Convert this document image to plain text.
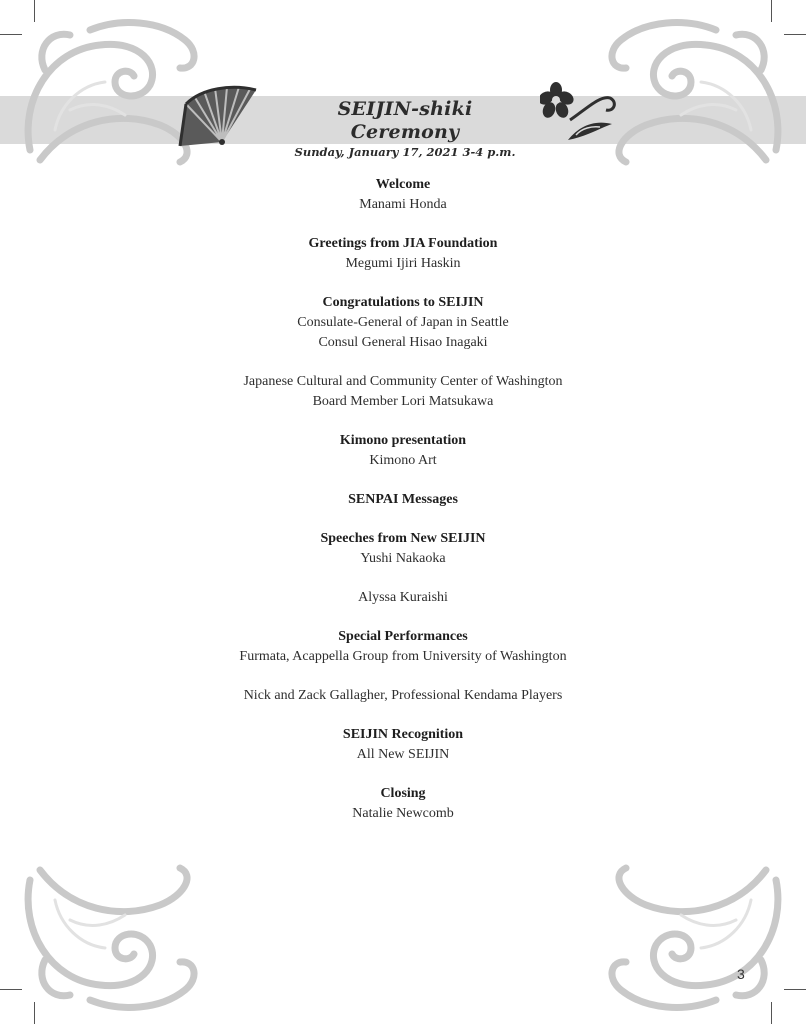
SEIJIN-shiki Ceremony
Sunday, January 17, 2021 3-4 p.m.
Welcome
Manami Honda
Greetings from JIA Foundation
Megumi Ijiri Haskin
Congratulations to SEIJIN
Consulate-General of Japan in Seattle
Consul General Hisao Inagaki
Japanese Cultural and Community Center of Washington
Board Member Lori Matsukawa
Kimono presentation
Kimono Art
SENPAI Messages
Speeches from New SEIJIN
Yushi Nakaoka
Alyssa Kuraishi
Special Performances
Furmata, Acappella Group from University of Washington
Nick and Zack Gallagher, Professional Kendama Players
SEIJIN Recognition
All New SEIJIN
Closing
Natalie Newcomb
3
